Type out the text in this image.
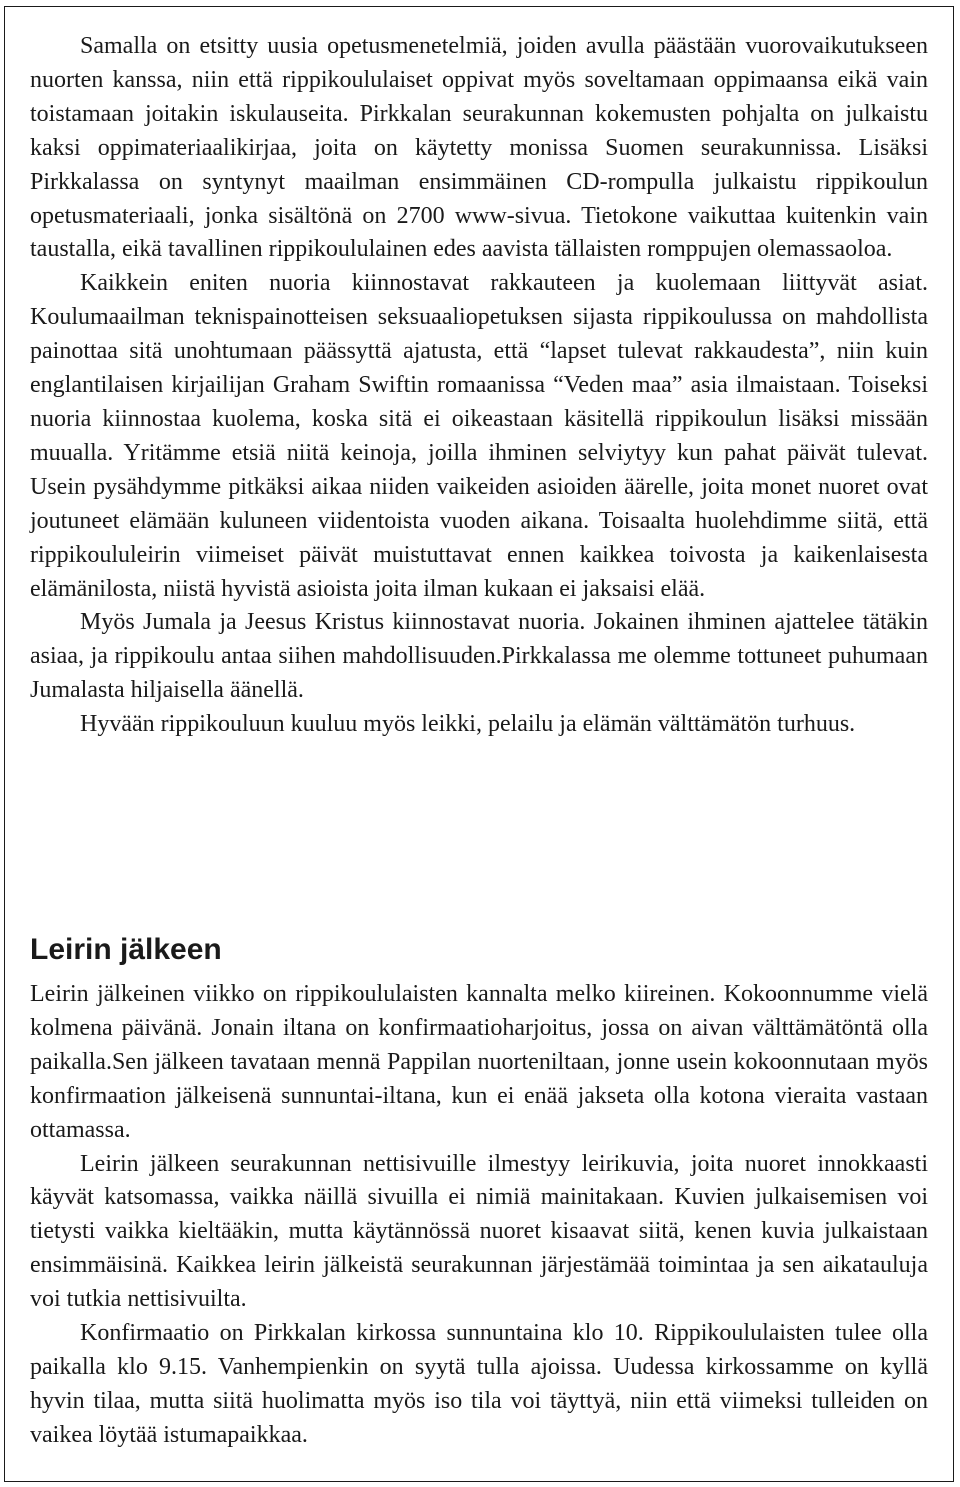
Samalla on etsitty uusia opetusmenetelmiä, joiden avulla päästään vuorovaikutukseen nuorten kanssa, niin että rippikoululaiset oppivat myös soveltamaan oppimaansa eikä vain toistamaan joitakin iskulauseita. Pirkkalan seurakunnan kokemusten pohjalta on julkaistu kaksi oppimateriaalikirjaa, joita on käytetty monissa Suomen seurakunnissa. Lisäksi Pirkkalassa on syntynyt maailman ensimmäinen CD-rompulla julkaistu rippikoulun opetusmateriaali, jonka sisältönä on 2700 www-sivua. Tietokone vaikuttaa kuitenkin vain taustalla, eikä tavallinen rippikoululainen edes aavista tällaisten romppujen olemassaoloa.

Kaikkein eniten nuoria kiinnostavat rakkauteen ja kuolemaan liittyvät asiat. Koulumaailman teknispainotteisen seksuaaliopetuksen sijasta rippikoulussa on mahdollista painottaa sitä unohtumaan päässyttä ajatusta, että “lapset tulevat rakkaudesta”, niin kuin englantilaisen kirjailijan Graham Swiftin romaanissa “Veden maa” asia ilmaistaan. Toiseksi nuoria kiinnostaa kuolema, koska sitä ei oikeastaan käsitellä rippikoulun lisäksi missään muualla. Yritämme etsiä niitä keinoja, joilla ihminen selviytyy kun pahat päivät tulevat. Usein pysähdymme pitkäksi aikaa niiden vaikeiden asioiden äärelle, joita monet nuoret ovat joutuneet elämään kuluneen viidentoista vuoden aikana. Toisaalta huolehdimme siitä, että rippikoululeirin viimeiset päivät muistuttavat ennen kaikkea toivosta ja kaikenlaisesta elämänilosta, niistä hyvistä asioista joita ilman kukaan ei jaksaisi elää.

Myös Jumala ja Jeesus Kristus kiinnostavat nuoria. Jokainen ihminen ajattelee tätäkin asiaa, ja rippikoulu antaa siihen mahdollisuuden.Pirkkalassa me olemme tottuneet puhumaan Jumalasta hiljaisella äänellä.

Hyvään rippikouluun kuuluu myös leikki, pelailu ja elämän välttämätön turhuus.

Leirin jälkeen

Leirin jälkeinen viikko on rippikoululaisten kannalta melko kiireinen. Kokoonnumme vielä kolmena päivänä. Jonain iltana on konfirmaatioharjoitus, jossa on aivan välttämätöntä olla paikalla.Sen jälkeen tavataan mennä Pappilan nuorteniltaan, jonne usein kokoonnutaan myös konfirmaation jälkeisenä sunnuntai-iltana, kun ei enää jakseta olla kotona vieraita vastaan ottamassa.

Leirin jälkeen seurakunnan nettisivuille ilmestyy leirikuvia, joita nuoret innokkaasti käyvät katsomassa, vaikka näillä sivuilla ei nimiä mainitakaan. Kuvien julkaisemisen voi tietysti vaikka kieltääkin, mutta käytännössä nuoret kisaavat siitä, kenen kuvia julkaistaan ensimmäisinä. Kaikkea leirin jälkeistä seurakunnan järjestämää toimintaa ja sen aikatauluja voi tutkia nettisivuilta.

Konfirmaatio on Pirkkalan kirkossa sunnuntaina klo 10. Rippikoululaisten tulee olla paikalla klo 9.15. Vanhempienkin on syytä tulla ajoissa. Uudessa kirkossamme on kyllä hyvin tilaa, mutta siitä huolimatta myös iso tila voi täyttyä, niin että viimeksi tulleiden on vaikea löytää istumapaikkaa.
